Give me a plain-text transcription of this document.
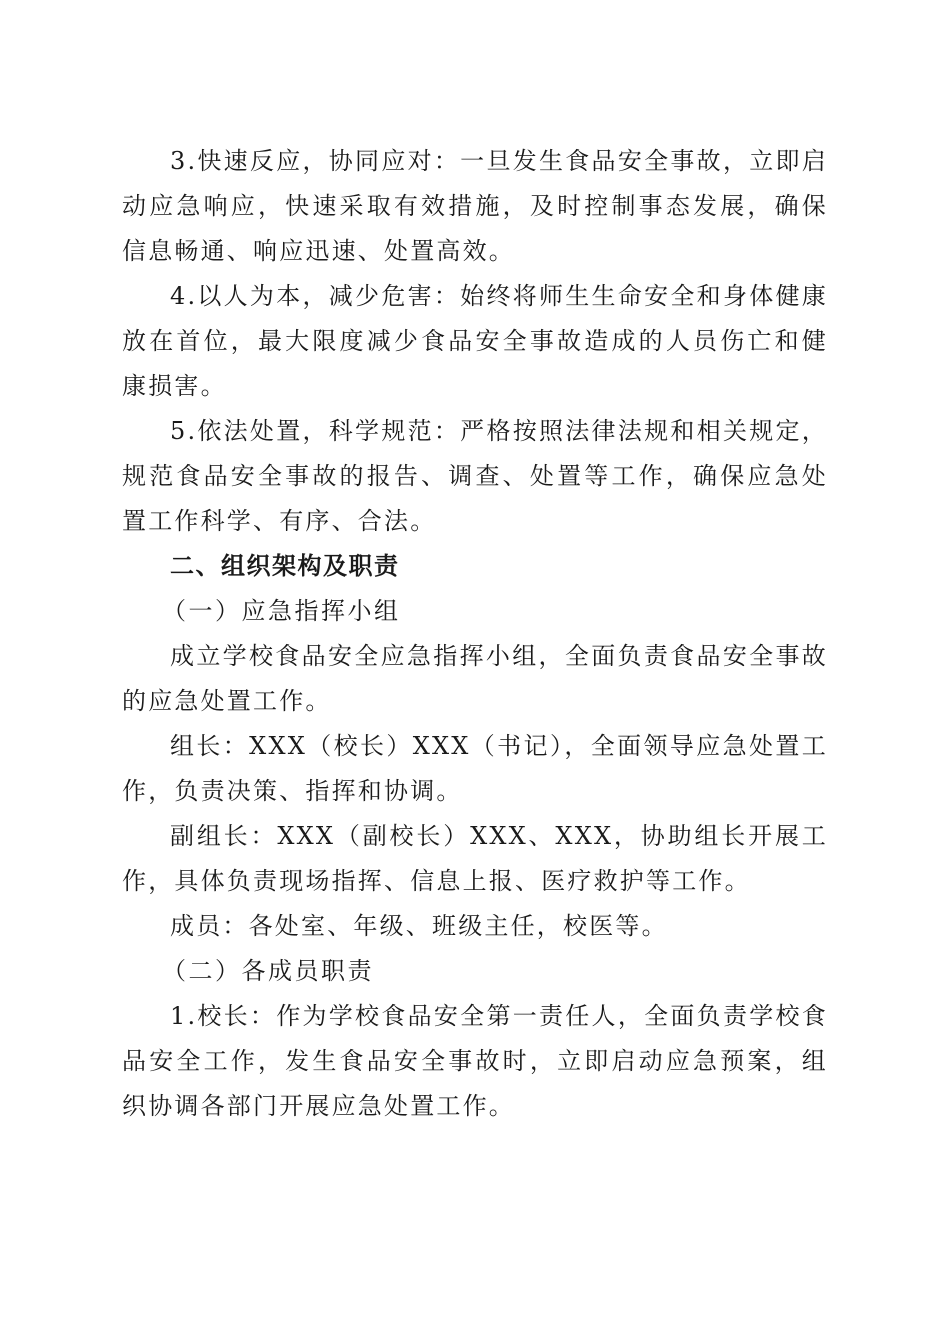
3.快速反应，协同应对：一旦发生食品安全事故，立即启动应急响应，快速采取有效措施，及时控制事态发展，确保信息畅通、响应迅速、处置高效。

4.以人为本，减少危害：始终将师生生命安全和身体健康放在首位，最大限度减少食品安全事故造成的人员伤亡和健康损害。

5.依法处置，科学规范：严格按照法律法规和相关规定，规范食品安全事故的报告、调查、处置等工作，确保应急处置工作科学、有序、合法。

二、组织架构及职责

（一）应急指挥小组

成立学校食品安全应急指挥小组，全面负责食品安全事故的应急处置工作。

组长：XXX（校长）XXX（书记），全面领导应急处置工作，负责决策、指挥和协调。

副组长：XXX（副校长）XXX、XXX，协助组长开展工作，具体负责现场指挥、信息上报、医疗救护等工作。

成员：各处室、年级、班级主任，校医等。

（二）各成员职责

1.校长：作为学校食品安全第一责任人，全面负责学校食品安全工作，发生食品安全事故时，立即启动应急预案，组织协调各部门开展应急处置工作。
